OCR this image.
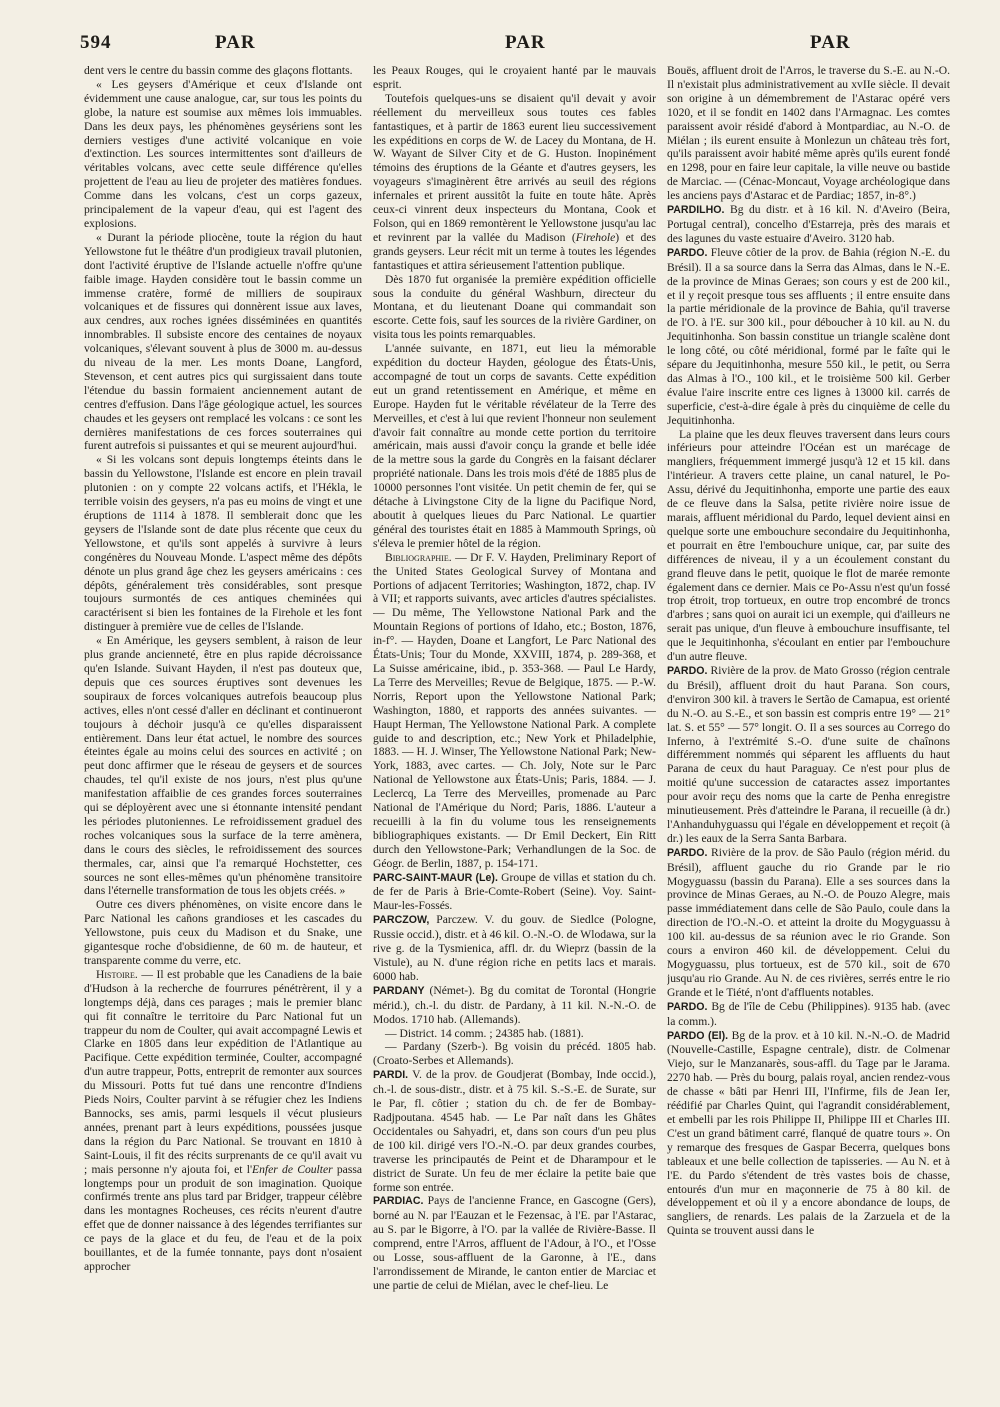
594	PAR	PAR	PAR

dent vers le centre du bassin comme des glaçons flottants.

« Les geysers d'Amérique et ceux d'Islande ont évidemment une cause analogue, car, sur tous les points du globe, la nature est soumise aux mêmes lois immuables. Dans les deux pays, les phénomènes geysériens sont les derniers vestiges d'une activité volcanique en voie d'extinction. Les sources intermittentes sont d'ailleurs de véritables volcans, avec cette seule différence qu'elles projettent de l'eau au lieu de projeter des matières fondues. Comme dans les volcans, c'est un corps gazeux, principalement de la vapeur d'eau, qui est l'agent des explosions.

« Durant la période pliocène, toute la région du haut Yellowstone fut le théâtre d'un prodigieux travail plutonien, dont l'activité éruptive de l'Islande actuelle n'offre qu'une faible image. Hayden considère tout le bassin comme un immense cratère, formé de milliers de soupiraux volcaniques et de fissures qui donnèrent issue aux laves, aux cendres, aux roches ignées disséminées en quantités innombrables. Il subsiste encore des centaines de noyaux volcaniques, s'élevant souvent à plus de 3000 m. au-dessus du niveau de la mer. Les monts Doane, Langford, Stevenson, et cent autres pics qui surgissaient dans toute l'étendue du bassin formaient anciennement autant de centres d'effusion. Dans l'âge géologique actuel, les sources chaudes et les geysers ont remplacé les volcans : ce sont les dernières manifestations de ces forces souterraines qui furent autrefois si puissantes et qui se meurent aujourd'hui.

« Si les volcans sont depuis longtemps éteints dans le bassin du Yellowstone, l'Islande est encore en plein travail plutonien : on y compte 22 volcans actifs, et l'Hékla, le terrible voisin des geysers, n'a pas eu moins de vingt et une éruptions de 1114 à 1878. Il semblerait donc que les geysers de l'Islande sont de date plus récente que ceux du Yellowstone, et qu'ils sont appelés à survivre à leurs congénères du Nouveau Monde. L'aspect même des dépôts dénote un plus grand âge chez les geysers américains : ces dépôts, généralement très considérables, sont presque toujours surmontés de ces antiques cheminées qui caractérisent si bien les fontaines de la Firehole et les font distinguer à première vue de celles de l'Islande.

« En Amérique, les geysers semblent, à raison de leur plus grande ancienneté, être en plus rapide décroissance qu'en Islande. Suivant Hayden, il n'est pas douteux que, depuis que ces sources éruptives sont devenues les soupiraux de forces volcaniques autrefois beaucoup plus actives, elles n'ont cessé d'aller en déclinant et continueront toujours à déchoir jusqu'à ce qu'elles disparaissent entièrement. Dans leur état actuel, le nombre des sources éteintes égale au moins celui des sources en activité ; on peut donc affirmer que le réseau de geysers et de sources chaudes, tel qu'il existe de nos jours, n'est plus qu'une manifestation affaiblie de ces grandes forces souterraines qui se déployèrent avec une si étonnante intensité pendant les périodes plutoniennes. Le refroidissement graduel des roches volcaniques sous la surface de la terre amènera, dans le cours des siècles, le refroidissement des sources thermales, car, ainsi que l'a remarqué Hochstetter, ces sources ne sont elles-mêmes qu'un phénomène transitoire dans l'éternelle transformation de tous les objets créés. »

Outre ces divers phénomènes, on visite encore dans le Parc National les cañons grandioses et les cascades du Yellowstone, puis ceux du Madison et du Snake, une gigantesque roche d'obsidienne, de 60 m. de hauteur, et transparente comme du verre, etc.

Histoire. — Il est probable que les Canadiens de la baie d'Hudson à la recherche de fourrures pénétrèrent, il y a longtemps déjà, dans ces parages ; mais le premier blanc qui fit connaître le territoire du Parc National fut un trappeur du nom de Coulter, qui avait accompagné Lewis et Clarke en 1805 dans leur expédition de l'Atlantique au Pacifique. Cette expédition terminée, Coulter, accompagné d'un autre trappeur, Potts, entreprit de remonter aux sources du Missouri. Potts fut tué dans une rencontre d'Indiens Pieds Noirs, Coulter parvint à se réfugier chez les Indiens Bannocks, ses amis, parmi lesquels il vécut plusieurs années, prenant part à leurs expéditions, poussées jusque dans la région du Parc National. Se trouvant en 1810 à Saint-Louis, il fit des récits surprenants de ce qu'il avait vu ; mais personne n'y ajouta foi, et l'Enfer de Coulter passa longtemps pour un produit de son imagination. Quoique confirmés trente ans plus tard par Bridger, trappeur célèbre dans les montagnes Rocheuses, ces récits n'eurent d'autre effet que de donner naissance à des légendes terrifiantes sur ce pays de la glace et du feu, de l'eau et de la poix bouillantes, et de la fumée tonnante, pays dont n'osaient approcher

les Peaux Rouges, qui le croyaient hanté par le mauvais esprit.

Toutefois quelques-uns se disaient qu'il devait y avoir réellement du merveilleux sous toutes ces fables fantastiques, et à partir de 1863 eurent lieu successivement les expéditions en corps de W. de Lacey du Montana, de H. W. Wayant de Silver City et de G. Huston. Inopinément témoins des éruptions de la Géante et d'autres geysers, les voyageurs s'imaginèrent être arrivés au seuil des régions infernales et prirent aussitôt la fuite en toute hâte. Après ceux-ci vinrent deux inspecteurs du Montana, Cook et Folson, qui en 1869 remontèrent le Yellowstone jusqu'au lac et revinrent par la vallée du Madison (Firehole) et des grands geysers. Leur récit mit un terme à toutes les légendes fantastiques et attira sérieusement l'attention publique.

Dès 1870 fut organisée la première expédition officielle sous la conduite du général Washburn, directeur du Montana, et du lieutenant Doane qui commandait son escorte. Cette fois, sauf les sources de la rivière Gardiner, on visita tous les points remarquables.

L'année suivante, en 1871, eut lieu la mémorable expédition du docteur Hayden, géologue des États-Unis, accompagné de tout un corps de savants. Cette expédition eut un grand retentissement en Amérique, et même en Europe. Hayden fut le véritable révélateur de la Terre des Merveilles, et c'est à lui que revient l'honneur non seulement d'avoir fait connaître au monde cette portion du territoire américain, mais aussi d'avoir conçu la grande et belle idée de la mettre sous la garde du Congrès en la faisant déclarer propriété nationale. Dans les trois mois d'été de 1885 plus de 10000 personnes l'ont visitée. Un petit chemin de fer, qui se détache à Livingstone City de la ligne du Pacifique Nord, aboutit à quelques lieues du Parc National. Le quartier général des touristes était en 1885 à Mammouth Springs, où s'éleva le premier hôtel de la région.

Bibliographie. — Dr F. V. Hayden, Preliminary Report of the United States Geological Survey of Montana and Portions of adjacent Territories; Washington, 1872, chap. IV à VII; et rapports suivants, avec articles d'autres spécialistes. — Du même, The Yellowstone National Park and the Mountain Regions of portions of Idaho, etc.; Boston, 1876, in-f°. — Hayden, Doane et Langfort, Le Parc National des États-Unis; Tour du Monde, XXVIII, 1874, p. 289-368, et La Suisse américaine, ibid., p. 353-368. — Paul Le Hardy, La Terre des Merveilles; Revue de Belgique, 1875. — P.-W. Norris, Report upon the Yellowstone National Park; Washington, 1880, et rapports des années suivantes. — Haupt Herman, The Yellowstone National Park. A complete guide to and description, etc.; New York et Philadelphie, 1883. — H. J. Winser, The Yellowstone National Park; New-York, 1883, avec cartes. — Ch. Joly, Note sur le Parc National de Yellowstone aux États-Unis; Paris, 1884. — J. Leclercq, La Terre des Merveilles, promenade au Parc National de l'Amérique du Nord; Paris, 1886. L'auteur a recueilli à la fin du volume tous les renseignements bibliographiques existants. — Dr Emil Deckert, Ein Ritt durch den Yellowstone-Park; Verhandlungen de la Soc. de Géogr. de Berlin, 1887, p. 154-171.

PARC-SAINT-MAUR (Le). Groupe de villas et station du ch. de fer de Paris à Brie-Comte-Robert (Seine). Voy. Saint-Maur-les-Fossés.

PARCZOW, Parczew. V. du gouv. de Siedlce (Pologne, Russie occid.), distr. et à 46 kil. O.-N.-O. de Wlodawa, sur la rive g. de la Tysmienica, affl. dr. du Wieprz (bassin de la Vistule), au N. d'une région riche en petits lacs et marais. 6000 hab.

PARDANY (Német-). Bg du comitat de Torontal (Hongrie mérid.), ch.-l. du distr. de Pardany, à 11 kil. N.-N.-O. de Modos. 1710 hab. (Allemands).

— District. 14 comm. ; 24385 hab. (1881).

— Pardany (Szerb-). Bg voisin du précéd. 1805 hab. (Croato-Serbes et Allemands).

PARDI. V. de la prov. de Goudjerat (Bombay, Inde occid.), ch.-l. de sous-distr., distr. et à 75 kil. S.-S.-E. de Surate, sur le Par, fl. côtier ; station du ch. de fer de Bombay-Radjpoutana. 4545 hab. — Le Par naît dans les Ghâtes Occidentales ou Sahyadri, et, dans son cours d'un peu plus de 100 kil. dirigé vers l'O.-N.-O. par deux grandes courbes, traverse les principautés de Peint et de Dharampour et le district de Surate. Un feu de mer éclaire la petite baie que forme son entrée.

PARDIAC. Pays de l'ancienne France, en Gascogne (Gers), borné au N. par l'Eauzan et le Fezensac, à l'E. par l'Astarac, au S. par le Bigorre, à l'O. par la vallée de Rivière-Basse. Il comprend, entre l'Arros, affluent de l'Adour, à l'O., et l'Osse ou Losse, sous-affluent de la Garonne, à l'E., dans l'arrondissement de Mirande, le canton entier de Marciac et une partie de celui de Miélan, avec le chef-lieu. Le

Bouës, affluent droit de l'Arros, le traverse du S.-E. au N.-O. Il n'existait plus administrativement au xvIIe siècle. Il devait son origine à un démembrement de l'Astarac opéré vers 1020, et il se fondit en 1402 dans l'Armagnac. Les comtes paraissent avoir résidé d'abord à Montpardiac, au N.-O. de Miélan ; ils eurent ensuite à Monlezun un château très fort, qu'ils paraissent avoir habité même après qu'ils eurent fondé en 1298, pour en faire leur capitale, la ville neuve ou bastide de Marciac. — (Cénac-Moncaut, Voyage archéologique dans les anciens pays d'Astarac et de Pardiac; 1857, in-8°.)

PARDILHO. Bg du distr. et à 16 kil. N. d'Aveiro (Beira, Portugal central), concelho d'Estarreja, près des marais et des lagunes du vaste estuaire d'Aveiro. 3120 hab.

PARDO. Fleuve côtier de la prov. de Bahia (région N.-E. du Brésil). Il a sa source dans la Serra das Almas, dans le N.-E. de la province de Minas Geraes; son cours y est de 200 kil., et il y reçoit presque tous ses affluents ; il entre ensuite dans la partie méridionale de la province de Bahia, qu'il traverse de l'O. à l'E. sur 300 kil., pour déboucher à 10 kil. au N. du Jequitinhonha. Son bassin constitue un triangle scalène dont le long côté, ou côté méridional, formé par le faîte qui le sépare du Jequitinhonha, mesure 550 kil., le petit, ou Serra das Almas à l'O., 100 kil., et le troisième 500 kil. Gerber évalue l'aire inscrite entre ces lignes à 13000 kil. carrés de superficie, c'est-à-dire égale à près du cinquième de celle du Jequitinhonha.

La plaine que les deux fleuves traversent dans leurs cours inférieurs pour atteindre l'Océan est un marécage de mangliers, fréquemment immergé jusqu'à 12 et 15 kil. dans l'intérieur. A travers cette plaine, un canal naturel, le Po-Assu, dérivé du Jequitinhonha, emporte une partie des eaux de ce fleuve dans la Salsa, petite rivière noire issue de marais, affluent méridional du Pardo, lequel devient ainsi en quelque sorte une embouchure secondaire du Jequitinhonha, et pourrait en être l'embouchure unique, car, par suite des différences de niveau, il y a un écoulement constant du grand fleuve dans le petit, quoique le flot de marée remonte également dans ce dernier. Mais ce Po-Assu n'est qu'un fossé trop étroit, trop tortueux, en outre trop encombré de troncs d'arbres ; sans quoi on aurait ici un exemple, qui d'ailleurs ne serait pas unique, d'un fleuve à embouchure insuffisante, tel que le Jequitinhonha, s'écoulant en entier par l'embouchure d'un autre fleuve.

PARDO. Rivière de la prov. de Mato Grosso (région centrale du Brésil), affluent droit du haut Parana. Son cours, d'environ 300 kil. à travers le Sertão de Camapua, est orienté du N.-O. au S.-E., et son bassin est compris entre 19° — 21° lat. S. et 55° — 57° longit. O. Il a ses sources au Corrego do Inferno, à l'extrémité S.-O. d'une suite de chaînons différemment nommés qui séparent les affluents du haut Parana de ceux du haut Paraguay. Ce n'est pour plus de moitié qu'une succession de cataractes assez importantes pour avoir reçu des noms que la carte de Penha enregistre minutieusement. Près d'atteindre le Parana, il recueille (à dr.) l'Anhanduhyguassu qui l'égale en développement et reçoit (à dr.) les eaux de la Serra Santa Barbara.

PARDO. Rivière de la prov. de São Paulo (région mérid. du Brésil), affluent gauche du rio Grande par le rio Mogyguassu (bassin du Parana). Elle a ses sources dans la province de Minas Geraes, au N.-O. de Pouzo Alegre, mais passe immédiatement dans celle de São Paulo, coule dans la direction de l'O.-N.-O. et atteint la droite du Mogyguassu à 100 kil. au-dessus de sa réunion avec le rio Grande. Son cours a environ 460 kil. de développement. Celui du Mogyguassu, plus tortueux, est de 570 kil., soit de 670 jusqu'au rio Grande. Au N. de ces rivières, serrés entre le rio Grande et le Tiété, n'ont d'affluents notables.

PARDO. Bg de l'île de Cebu (Philippines). 9135 hab. (avec la comm.).

PARDO (El). Bg de la prov. et à 10 kil. N.-N.-O. de Madrid (Nouvelle-Castille, Espagne centrale), distr. de Colmenar Viejo, sur le Manzanarès, sous-affl. du Tage par le Jarama. 2270 hab. — Près du bourg, palais royal, ancien rendez-vous de chasse « bâti par Henri III, l'Infirme, fils de Jean Ier, réédifié par Charles Quint, qui l'agrandit considérablement, et embelli par les rois Philippe II, Philippe III et Charles III. C'est un grand bâtiment carré, flanqué de quatre tours ». On y remarque des fresques de Gaspar Becerra, quelques bons tableaux et une belle collection de tapisseries. — Au N. et à l'E. du Pardo s'étendent de très vastes bois de chasse, entourés d'un mur en maçonnerie de 75 à 80 kil. de développement et où il y a encore abondance de loups, de sangliers, de renards. Les palais de la Zarzuela et de la Quinta se trouvent aussi dans le
